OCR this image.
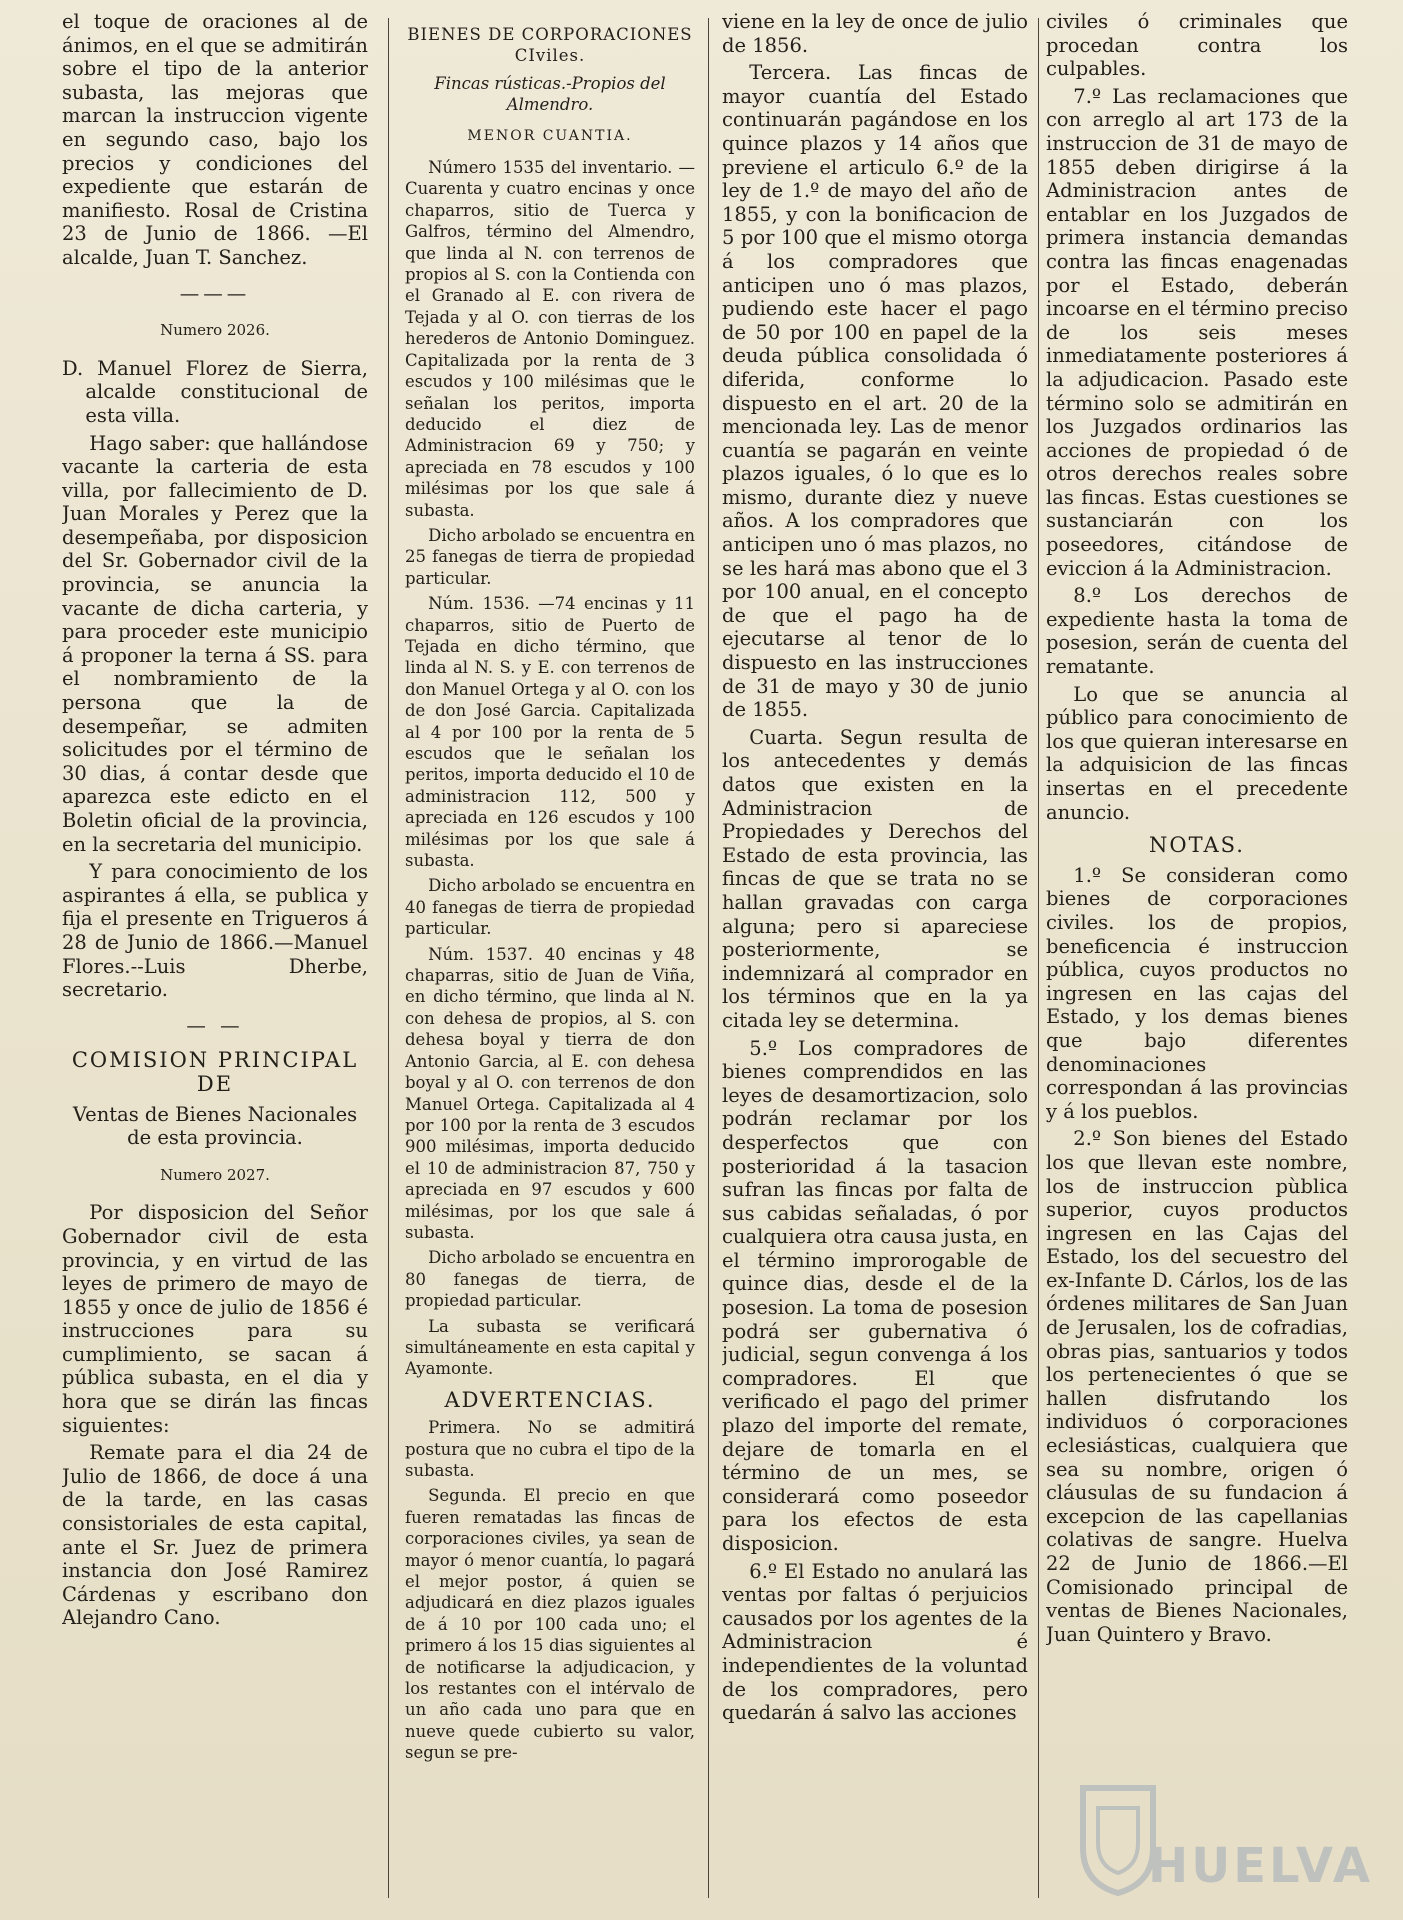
el toque de oraciones al de ánimos, en el que se admitirán sobre el tipo de la anterior subasta, las mejoras que marcan la instruccion vigente en segundo caso, bajo los precios y condiciones del expediente que estarán de manifiesto. Rosal de Cristina 23 de Junio de 1866. —El alcalde, Juan T. Sanchez.

———
Numero 2026.

D. Manuel Florez de Sierra, alcalde constitucional de esta villa.

Hago saber: que hallándose vacante la carteria de esta villa, por fallecimiento de D. Juan Morales y Perez que la desempeñaba, por disposicion del Sr. Gobernador civil de la provincia, se anuncia la vacante de dicha carteria, y para proceder este municipio á proponer la terna á SS. para el nombramiento de la persona que la de desempeñar, se admiten solicitudes por el término de 30 dias, á contar desde que aparezca este edicto en el Boletin oficial de la provincia, en la secretaria del municipio.

Y para conocimiento de los aspirantes á ella, se publica y fija el presente en Trigueros á 28 de Junio de 1866.—Manuel Flores.--Luis Dherbe, secretario.

— —
COMISION PRINCIPAL DE
Ventas de Bienes Nacionales de esta provincia.
Numero 2027.

Por disposicion del Señor Gobernador civil de esta provincia, y en virtud de las leyes de primero de mayo de 1855 y once de julio de 1856 é instrucciones para su cumplimiento, se sacan á pública subasta, en el dia y hora que se dirán las fincas siguientes:

Remate para el dia 24 de Julio de 1866, de doce á una de la tarde, en las casas consistoriales de esta capital, ante el Sr. Juez de primera instancia don José Ramirez Cárdenas y escribano don Alejandro Cano.

BIENES DE CORPORACIONES CIviles.
Fincas rústicas.-Propios del Almendro.
MENOR CUANTIA.

Número 1535 del inventario. — Cuarenta y cuatro encinas y once chaparros, sitio de Tuerca y Galfros, término del Almendro, que linda al N. con terrenos de propios al S. con la Contienda con el Granado al E. con rivera de Tejada y al O. con tierras de los herederos de Antonio Dominguez. Capitalizada por la renta de 3 escudos y 100 milésimas que le señalan los peritos, importa deducido el diez de Administracion 69 y 750; y apreciada en 78 escudos y 100 milésimas por los que sale á subasta.

Dicho arbolado se encuentra en 25 fanegas de tierra de propiedad particular.

Núm. 1536. —74 encinas y 11 chaparros, sitio de Puerto de Tejada en dicho término, que linda al N. S. y E. con terrenos de don Manuel Ortega y al O. con los de don José Garcia. Capitalizada al 4 por 100 por la renta de 5 escudos que le señalan los peritos, importa deducido el 10 de administracion 112, 500 y apreciada en 126 escudos y 100 milésimas por los que sale á subasta.

Dicho arbolado se encuentra en 40 fanegas de tierra de propiedad particular.

Núm. 1537. 40 encinas y 48 chaparras, sitio de Juan de Viña, en dicho término, que linda al N. con dehesa de propios, al S. con dehesa boyal y tierra de don Antonio Garcia, al E. con dehesa boyal y al O. con terrenos de don Manuel Ortega. Capitalizada al 4 por 100 por la renta de 3 escudos 900 milésimas, importa deducido el 10 de administracion 87, 750 y apreciada en 97 escudos y 600 milésimas, por los que sale á subasta.

Dicho arbolado se encuentra en 80 fanegas de tierra, de propiedad particular.

La subasta se verificará simultáneamente en esta capital y Ayamonte.

ADVERTENCIAS.

Primera. No se admitirá postura que no cubra el tipo de la subasta.

Segunda. El precio en que fueren rematadas las fincas de corporaciones civiles, ya sean de mayor ó menor cuantía, lo pagará el mejor postor, á quien se adjudicará en diez plazos iguales de á 10 por 100 cada uno; el primero á los 15 dias siguientes al de notificarse la adjudicacion, y los restantes con el intérvalo de un año cada uno para que en nueve quede cubierto su valor, segun se pre-

viene en la ley de once de julio de 1856.

Tercera. Las fincas de mayor cuantía del Estado continuarán pagándose en los quince plazos y 14 años que previene el articulo 6.º de la ley de 1.º de mayo del año de 1855, y con la bonificacion de 5 por 100 que el mismo otorga á los compradores que anticipen uno ó mas plazos, pudiendo este hacer el pago de 50 por 100 en papel de la deuda pública consolidada ó diferida, conforme lo dispuesto en el art. 20 de la mencionada ley. Las de menor cuantía se pagarán en veinte plazos iguales, ó lo que es lo mismo, durante diez y nueve años. A los compradores que anticipen uno ó mas plazos, no se les hará mas abono que el 3 por 100 anual, en el concepto de que el pago ha de ejecutarse al tenor de lo dispuesto en las instrucciones de 31 de mayo y 30 de junio de 1855.

Cuarta. Segun resulta de los antecedentes y demás datos que existen en la Administracion de Propiedades y Derechos del Estado de esta provincia, las fincas de que se trata no se hallan gravadas con carga alguna; pero si apareciese posteriormente, se indemnizará al comprador en los términos que en la ya citada ley se determina.

5.º Los compradores de bienes comprendidos en las leyes de desamortizacion, solo podrán reclamar por los desperfectos que con posterioridad á la tasacion sufran las fincas por falta de sus cabidas señaladas, ó por cualquiera otra causa justa, en el término improrogable de quince dias, desde el de la posesion. La toma de posesion podrá ser gubernativa ó judicial, segun convenga á los compradores. El que verificado el pago del primer plazo del importe del remate, dejare de tomarla en el término de un mes, se considerará como poseedor para los efectos de esta disposicion.

6.º El Estado no anulará las ventas por faltas ó perjuicios causados por los agentes de la Administracion é independientes de la voluntad de los compradores, pero quedarán á salvo las acciones

civiles ó criminales que procedan contra los culpables.

7.º Las reclamaciones que con arreglo al art 173 de la instruccion de 31 de mayo de 1855 deben dirigirse á la Administracion antes de entablar en los Juzgados de primera instancia demandas contra las fincas enagenadas por el Estado, deberán incoarse en el término preciso de los seis meses inmediatamente posteriores á la adjudicacion. Pasado este término solo se admitirán en los Juzgados ordinarios las acciones de propiedad ó de otros derechos reales sobre las fincas. Estas cuestiones se sustanciarán con los poseedores, citándose de eviccion á la Administracion.

8.º Los derechos de expediente hasta la toma de posesion, serán de cuenta del rematante.

Lo que se anuncia al público para conocimiento de los que quieran interesarse en la adquisicion de las fincas insertas en el precedente anuncio.

NOTAS.

1.º Se consideran como bienes de corporaciones civiles. los de propios, beneficencia é instruccion pública, cuyos productos no ingresen en las cajas del Estado, y los demas bienes que bajo diferentes denominaciones correspondan á las provincias y á los pueblos.

2.º Son bienes del Estado los que llevan este nombre, los de instruccion pùblica superior, cuyos productos ingresen en las Cajas del Estado, los del secuestro del ex-Infante D. Cárlos, los de las órdenes militares de San Juan de Jerusalen, los de cofradias, obras pias, santuarios y todos los pertenecientes ó que se hallen disfrutando los individuos ó corporaciones eclesiásticas, cualquiera que sea su nombre, origen ó cláusulas de su fundacion á excepcion de las capellanias colativas de sangre. Huelva 22 de Junio de 1866.—El Comisionado principal de ventas de Bienes Nacionales, Juan Quintero y Bravo.

HUELVA
